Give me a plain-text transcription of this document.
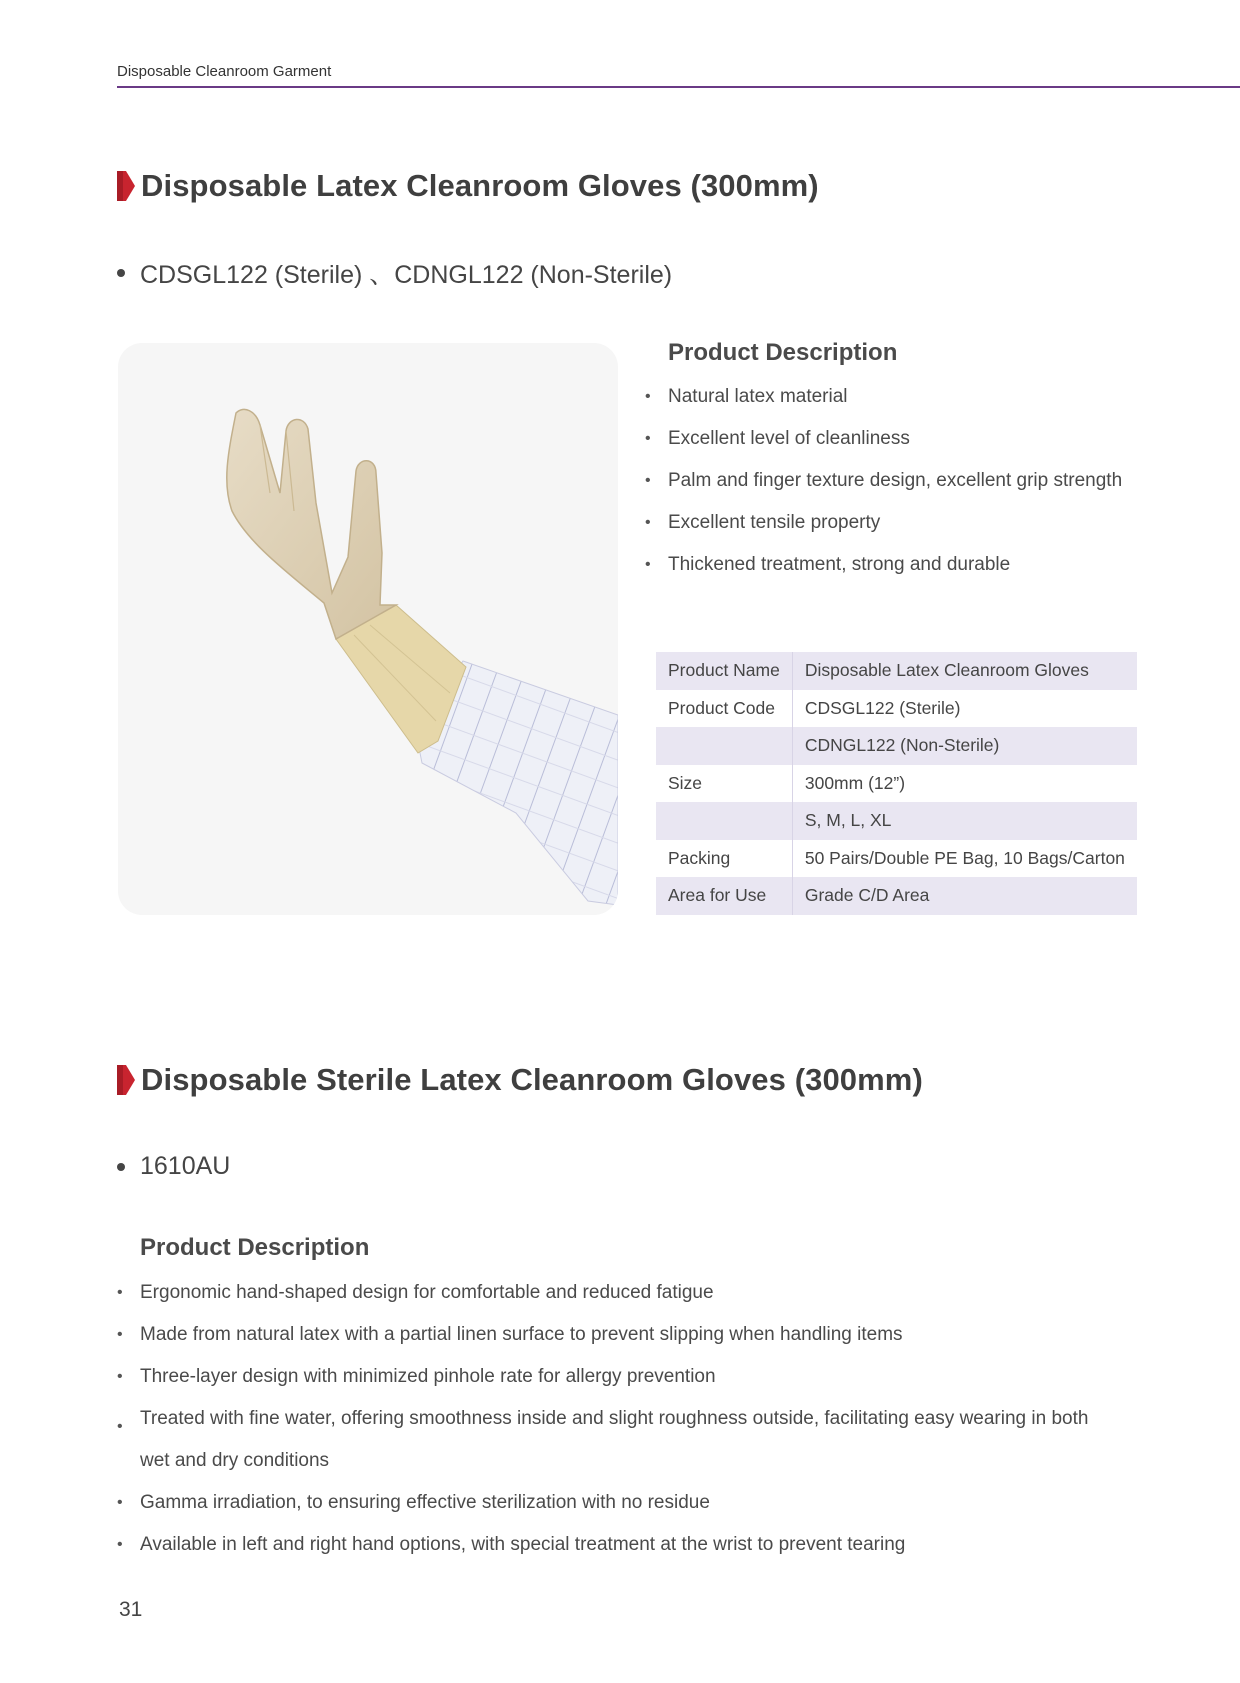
Disposable Cleanroom Garment
Disposable Latex Cleanroom Gloves (300mm)
CDSGL122 (Sterile) 、CDNGL122 (Non-Sterile)
Product Description
• Natural latex material
• Excellent level of cleanliness
• Palm and finger texture design, excellent grip strength
• Excellent tensile property
• Thickened treatment, strong and durable
Product Name	Disposable Latex Cleanroom Gloves
Product Code	CDSGL122 (Sterile)
	CDNGL122 (Non-Sterile)
Size	300mm (12”)
	S, M, L, XL
Packing	50 Pairs/Double PE Bag, 10 Bags/Carton
Area for Use	Grade C/D Area
Disposable Sterile Latex Cleanroom Gloves (300mm)
1610AU
Product Description
• Ergonomic hand-shaped design for comfortable and reduced fatigue
• Made from natural latex with a partial linen surface to prevent slipping when handling items
• Three-layer design with minimized pinhole rate for allergy prevention
• Treated with fine water, offering smoothness inside and slight roughness outside, facilitating easy wearing in both wet and dry conditions
• Gamma irradiation, to ensuring effective sterilization with no residue
• Available in left and right hand options, with special treatment at the wrist to prevent tearing
31
